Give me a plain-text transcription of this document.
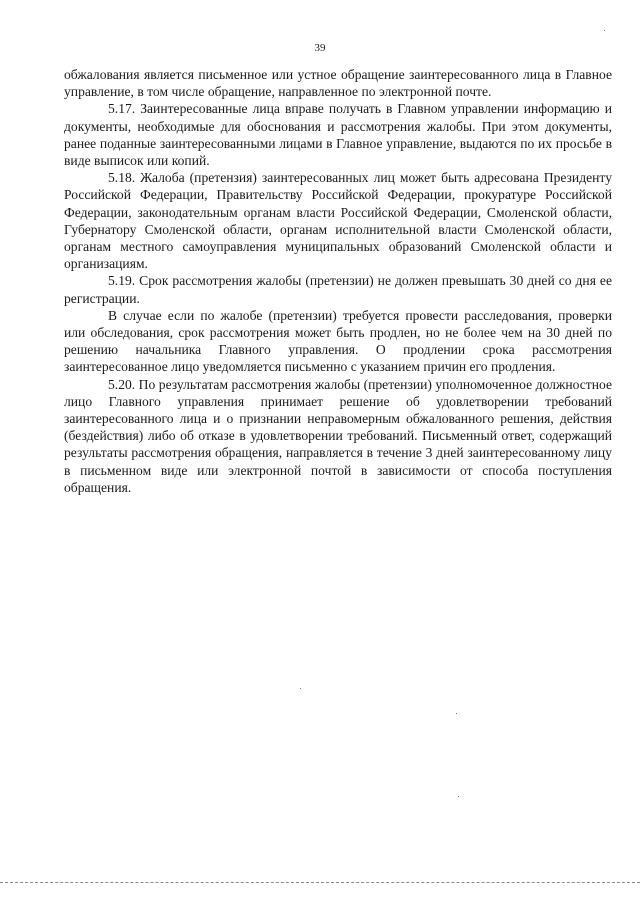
39

обжалования является письменное или устное обращение заинтересованного лица в Главное управление, в том числе обращение, направленное по электронной почте.

5.17. Заинтересованные лица вправе получать в Главном управлении информацию и документы, необходимые для обоснования и рассмотрения жалобы. При этом документы, ранее поданные заинтересованными лицами в Главное управление, выдаются по их просьбе в виде выписок или копий.

5.18. Жалоба (претензия) заинтересованных лиц может быть адресована Президенту Российской Федерации, Правительству Российской Федерации, прокуратуре Российской Федерации, законодательным органам власти Российской Федерации, Смоленской области, Губернатору Смоленской области, органам исполнительной власти Смоленской области, органам местного самоуправления муниципальных образований Смоленской области и организациям.

5.19. Срок рассмотрения жалобы (претензии) не должен превышать 30 дней со дня ее регистрации.

В случае если по жалобе (претензии) требуется провести расследования, проверки или обследования, срок рассмотрения может быть продлен, но не более чем на 30 дней по решению начальника Главного управления. О продлении срока рассмотрения заинтересованное лицо уведомляется письменно с указанием причин его продления.

5.20. По результатам рассмотрения жалобы (претензии) уполномоченное должностное лицо Главного управления принимает решение об удовлетворении требований заинтересованного лица и о признании неправомерным обжалованного решения, действия (бездействия) либо об отказе в удовлетворении требований. Письменный ответ, содержащий результаты рассмотрения обращения, направляется в течение 3 дней заинтересованному лицу в письменном виде или электронной почтой в зависимости от способа поступления обращения.
